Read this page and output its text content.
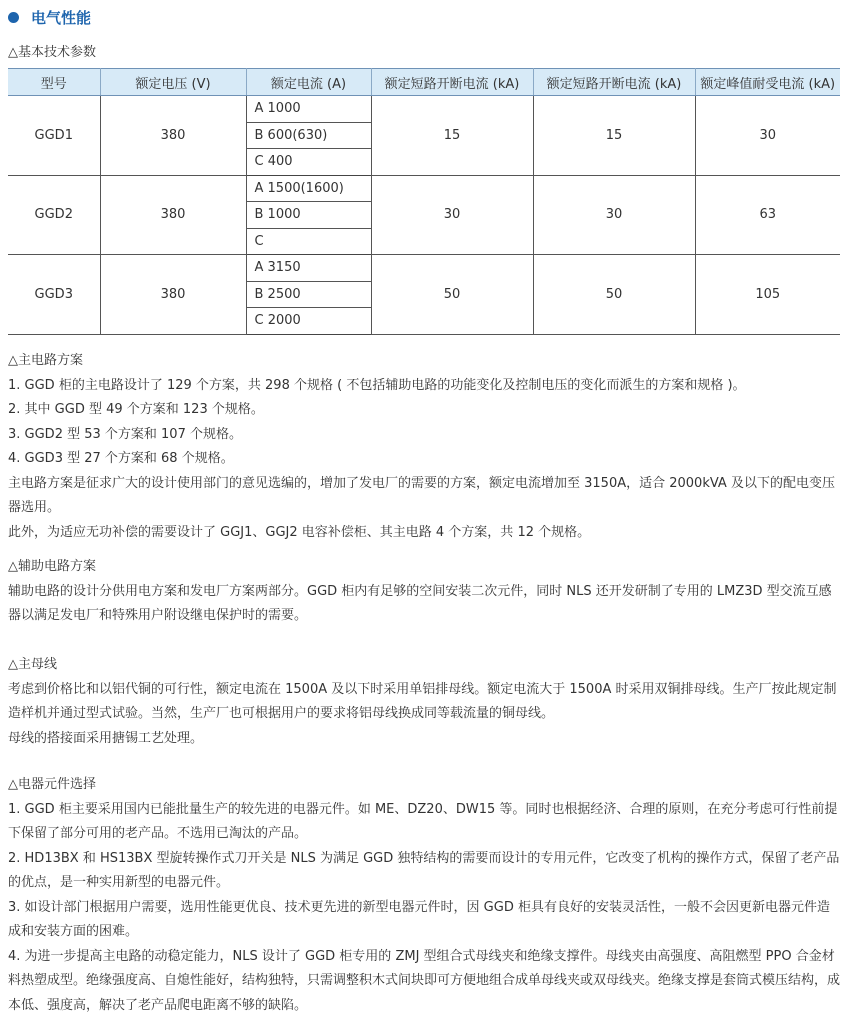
电气性能
△基本技术参数
型号	额定电压 (V)	额定电流 (A)	额定短路开断电流 (kA)	额定短路开断电流 (kA)	额定峰值耐受电流 (kA)
GGD1	380	A 1000	15	15	30
		B 600(630)			
		C 400			
GGD2	380	A 1500(1600)	30	30	63
		B 1000			
		C			
GGD3	380	A 3150	50	50	105
		B 2500			
		C 2000			

△主电路方案

1. GGD 柜的主电路设计了 129 个方案，共 298 个规格 ( 不包括辅助电路的功能变化及控制电压的变化而派生的方案和规格 )。

2. 其中 GGD 型 49 个方案和 123 个规格。

3. GGD2 型 53 个方案和 107 个规格。

4. GGD3 型 27 个方案和 68 个规格。

主电路方案是征求广大的设计使用部门的意见选编的，增加了发电厂的需要的方案，额定电流增加至 3150A，适合 2000kVA 及以下的配电变压器选用。

此外，为适应无功补偿的需要设计了 GGJ1、GGJ2 电容补偿柜、其主电路 4 个方案，共 12 个规格。

△辅助电路方案

辅助电路的设计分供用电方案和发电厂方案两部分。GGD 柜内有足够的空间安装二次元件，同时 NLS 还开发研制了专用的 LMZ3D 型交流互感器以满足发电厂和特殊用户附设继电保护时的需要。

△主母线

考虑到价格比和以铝代铜的可行性，额定电流在 1500A 及以下时采用单铝排母线。额定电流大于 1500A 时采用双铜排母线。生产厂按此规定制造样机并通过型式试验。当然，生产厂也可根据用户的要求将铝母线换成同等载流量的铜母线。

母线的搭接面采用搪锡工艺处理。

△电器元件选择

1. GGD 柜主要采用国内已能批量生产的较先进的电器元件。如 ME、DZ20、DW15 等。同时也根据经济、合理的原则，在充分考虑可行性前提下保留了部分可用的老产品。不选用已淘汰的产品。

2. HD13BX 和 HS13BX 型旋转操作式刀开关是 NLS 为满足 GGD 独特结构的需要而设计的专用元件，它改变了机构的操作方式，保留了老产品的优点，是一种实用新型的电器元件。

3. 如设计部门根据用户需要，选用性能更优良、技术更先进的新型电器元件时，因 GGD 柜具有良好的安装灵活性，一般不会因更新电器元件造成和安装方面的困难。

4. 为进一步提高主电路的动稳定能力，NLS 设计了 GGD 柜专用的 ZMJ 型组合式母线夹和绝缘支撑件。母线夹由高强度、高阻燃型 PPO 合金材料热塑成型。绝缘强度高、自熄性能好，结构独特，只需调整积木式间块即可方便地组合成单母线夹或双母线夹。绝缘支撑是套筒式模压结构，成本低、强度高，解决了老产品爬电距离不够的缺陷。
